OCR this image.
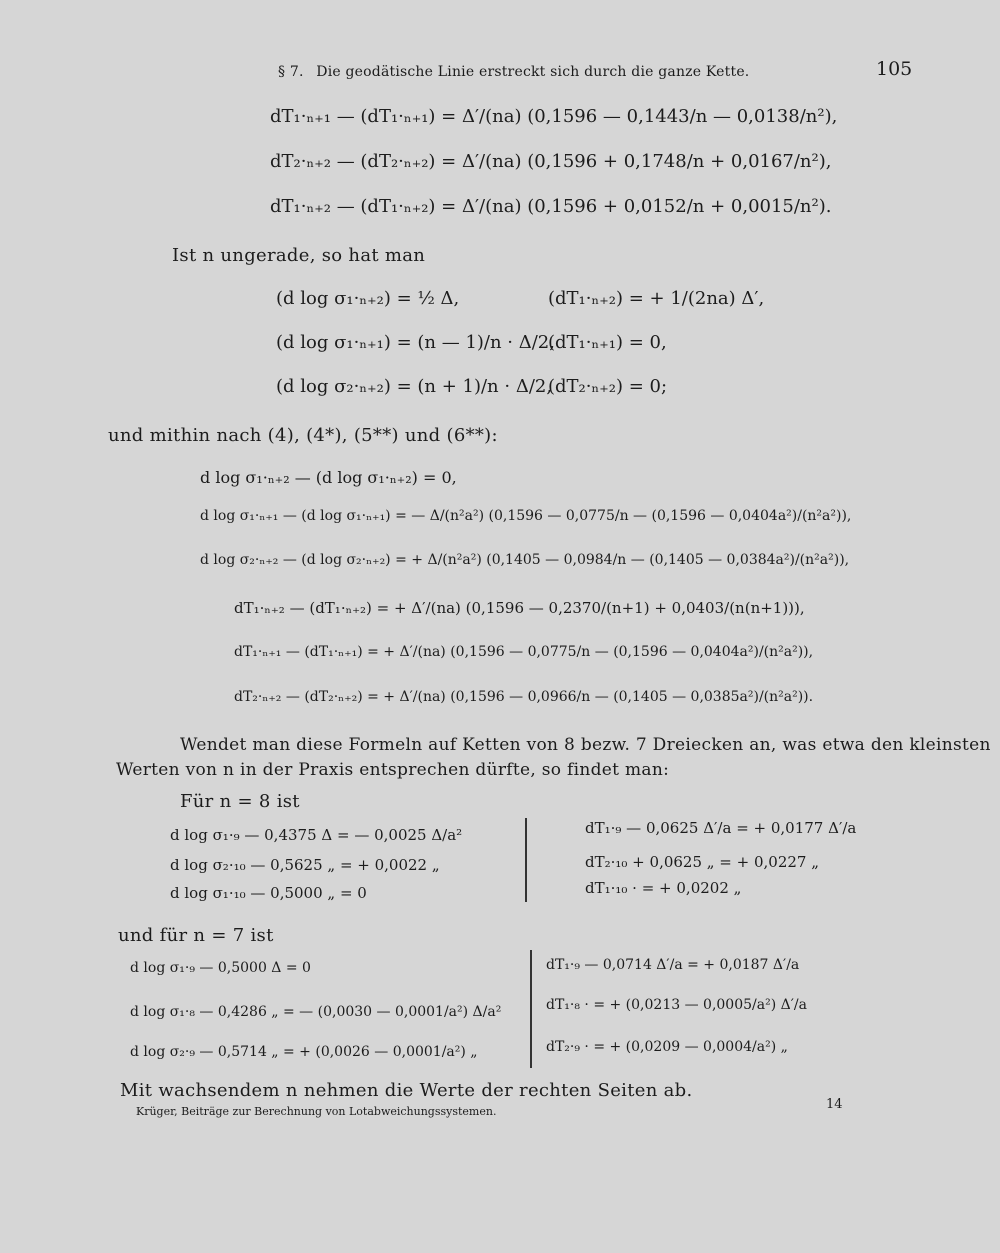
§ 7. Die geodätische Linie erstreckt sich durch die ganze Kette.	105
dT₁·ₙ₊₁ — (dT₁·ₙ₊₁) = Δ′/(na) (0,1596 — 0,1443/n — 0,0138/n²),
dT₂·ₙ₊₂ — (dT₂·ₙ₊₂) = Δ′/(na) (0,1596 + 0,1748/n + 0,0167/n²),
dT₁·ₙ₊₂ — (dT₁·ₙ₊₂) = Δ′/(na) (0,1596 + 0,0152/n + 0,0015/n²).
Ist n ungerade, so hat man
(d log σ₁·ₙ₊₂) = ½ Δ,
(d log σ₁·ₙ₊₁) = (n — 1)/n · Δ/2,
(d log σ₂·ₙ₊₂) = (n + 1)/n · Δ/2,
(dT₁·ₙ₊₂) = + 1/(2na) Δ′,
(dT₁·ₙ₊₁) = 0,
(dT₂·ₙ₊₂) = 0;
und mithin nach (4), (4*), (5**) und (6**):
d log σ₁·ₙ₊₂ — (d log σ₁·ₙ₊₂) = 0,
d log σ₁·ₙ₊₁ — (d log σ₁·ₙ₊₁) = — Δ/(n²a²) (0,1596 — 0,0775/n — (0,1596 — 0,0404a²)/(n²a²)),
d log σ₂·ₙ₊₂ — (d log σ₂·ₙ₊₂) = + Δ/(n²a²) (0,1405 — 0,0984/n — (0,1405 — 0,0384a²)/(n²a²)),
dT₁·ₙ₊₂ — (dT₁·ₙ₊₂) = + Δ′/(na) (0,1596 — 0,2370/(n+1) + 0,0403/(n(n+1))),
dT₁·ₙ₊₁ — (dT₁·ₙ₊₁) = + Δ′/(na) (0,1596 — 0,0775/n — (0,1596 — 0,0404a²)/(n²a²)),
dT₂·ₙ₊₂ — (dT₂·ₙ₊₂) = + Δ′/(na) (0,1596 — 0,0966/n — (0,1405 — 0,0385a²)/(n²a²)).
Wendet man diese Formeln auf Ketten von 8 bezw. 7 Dreiecken an, was etwa den kleinsten
Werten von n in der Praxis entsprechen dürfte, so findet man:
Für n = 8 ist
d log σ₁·₉ — 0,4375 Δ = — 0,0025 Δ/a²
d log σ₂·₁₀ — 0,5625 „ = + 0,0022 „
d log σ₁·₁₀ — 0,5000 „ = 0
dT₁·₉ — 0,0625 Δ′/a = + 0,0177 Δ′/a
dT₂·₁₀ + 0,0625 „ = + 0,0227 „
dT₁·₁₀ · = + 0,0202 „
und für n = 7 ist
d log σ₁·₉ — 0,5000 Δ = 0
d log σ₁·₈ — 0,4286 „ = — (0,0030 — 0,0001/a²) Δ/a²
d log σ₂·₉ — 0,5714 „ = + (0,0026 — 0,0001/a²) „
dT₁·₉ — 0,0714 Δ′/a = + 0,0187 Δ′/a
dT₁·₈ · = + (0,0213 — 0,0005/a²) Δ′/a
dT₂·₉ · = + (0,0209 — 0,0004/a²) „
Mit wachsendem n nehmen die Werte der rechten Seiten ab.
Krüger, Beiträge zur Berechnung von Lotabweichungssystemen.	14
